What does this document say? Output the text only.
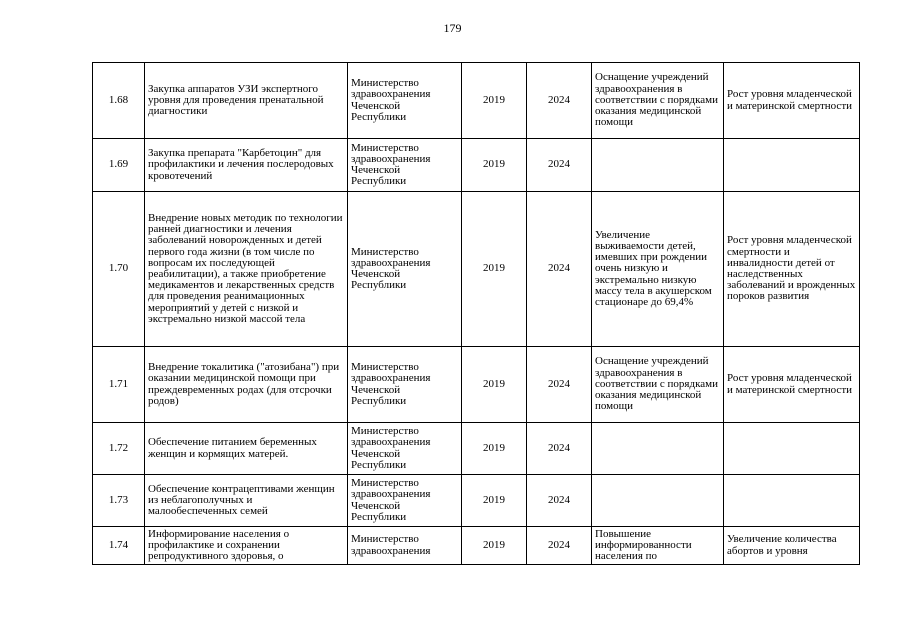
179
1.68	Закупка аппаратов УЗИ экспертного уровня для проведения пренатальной диагностики	Министерство здравоохранения Чеченской Республики	2019	2024	Оснащение учреждений здравоохранения в соответствии с порядками оказания медицинской помощи	Рост уровня младенческой и материнской смертности
1.69	Закупка препарата "Карбетоцин" для профилактики и лечения послеродовых кровотечений	Министерство здравоохранения Чеченской Республики	2019	2024		
1.70	Внедрение новых методик по технологии ранней диагностики и лечения заболеваний новорожденных и детей первого года жизни (в том числе по вопросам их последующей реабилитации), а также приобретение медикаментов и лекарственных средств для проведения реанимационных мероприятий у детей с низкой и экстремально низкой массой тела	Министерство здравоохранения Чеченской Республики	2019	2024	Увеличение выживаемости детей, имевших при рождении очень низкую и экстремально низкую массу тела в акушерском стационаре до 69,4%	Рост уровня младенческой смертности и инвалидности детей от наследственных заболеваний и врожденных пороков развития
1.71	Внедрение токалитика ("атозибана") при оказании медицинской помощи при преждевременных родах (для отсрочки родов)	Министерство здравоохранения Чеченской Республики	2019	2024	Оснащение учреждений здравоохранения в соответствии с порядками оказания медицинской помощи	Рост уровня младенческой и материнской смертности
1.72	Обеспечение питанием беременных женщин и кормящих матерей.	Министерство здравоохранения Чеченской Республики	2019	2024		
1.73	Обеспечение контрацептивами женщин из неблагополучных и малообеспеченных семей	Министерство здравоохранения Чеченской Республики	2019	2024		
1.74	Информирование населения о профилактике и сохранении репродуктивного здоровья, о	Министерство здравоохранения	2019	2024	Повышение информированности населения по	Увеличение количества абортов и уровня
